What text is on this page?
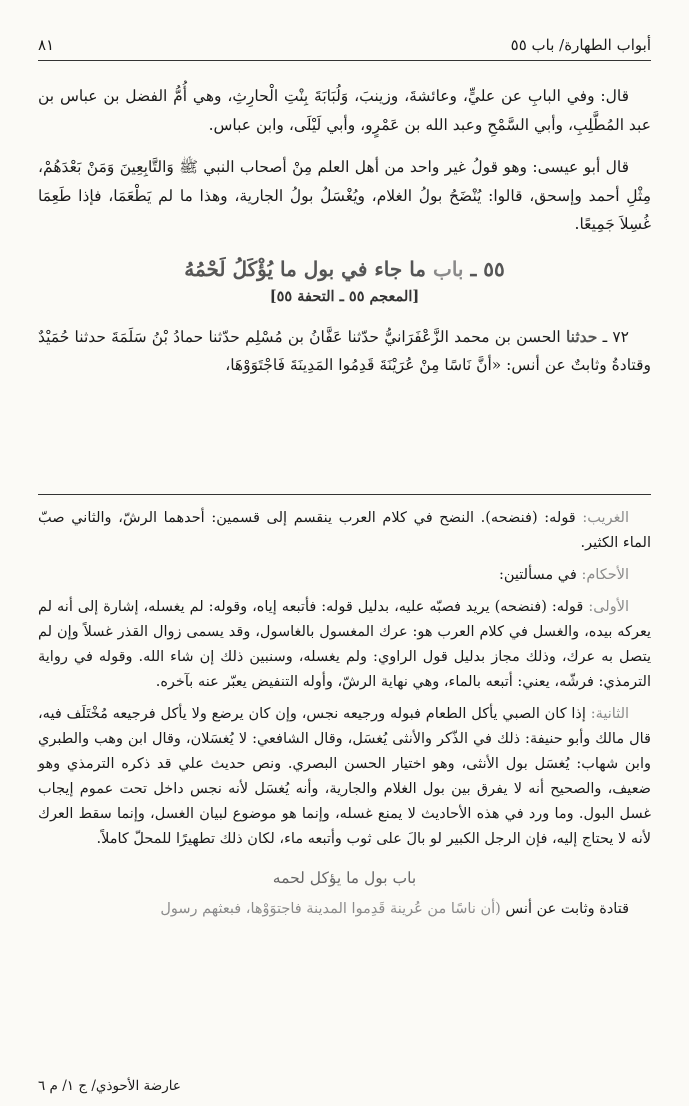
أبواب الطهارة/ باب ٥٥
٨١

قال: وفي البابِ عن عليٍّ، وعائشةَ، وزينبَ، وَلُبَابَةَ بِنْتِ الْحارِثِ، وهي أُمُّ الفضل بن عباس بن عبد المُطَّلِبِ، وأبي السَّمْحِ وعبد الله بن عَمْرٍو، وأبي لَيْلَى، وابن عباس.

قال أبو عيسى: وهو قولُ غير واحد من أهل العلم مِنْ أصحاب النبي ﷺ وَالتَّابِعِينَ وَمَنْ بَعْدَهُمْ، مِثْلِ أحمد وإسحق، قالوا: يُنْضَحُ بولُ الغلام، ويُغْسَلُ بولُ الجارية، وهذا ما لم يَطْعَمَا، فإذا طَعِمَا غُسِلاَ جَمِيعًا.

٥٥ ـ باب ما جاء في بول ما يُؤْكَلُ لَحْمُهُ

[المعجم ٥٥ ـ التحفة ٥٥]

٧٢ ـ حدثنا الحسن بن محمد الزَّعْفَرَانيُّ حدّثنا عَفَّانُ بن مُسْلِم حدّثنا حمادُ بْنُ سَلَمَةَ حدثنا حُمَيْدٌ وقتادةُ وثابتٌ عن أنس: «أنَّ نَاسًا مِنْ عُرَيْنَةَ قَدِمُوا المَدِينَةَ فَاجْتَوَوْهَا،

الغريب: قوله: (فنضحه). النضح في كلام العرب ينقسم إلى قسمين: أحدهما الرشّ، والثاني صبّ الماء الكثير.

الأحكام: في مسألتين:

الأولى: قوله: (فنضحه) يريد فصبّه عليه، بدليل قوله: فأتبعه إياه، وقوله: لم يغسله، إشارة إلى أنه لم يعركه بيده، والغسل في كلام العرب هو: عرك المغسول بالغاسول، وقد يسمى زوال القذر غسلاً وإن لم يتصل به عرك، وذلك مجاز بدليل قول الراوي: ولم يغسله، وسنبين ذلك إن شاء الله. وقوله في رواية الترمذي: فرشّه، يعني: أتبعه بالماء، وهي نهاية الرشّ، وأوله التنفيض يعبّر عنه بآخره.

الثانية: إذا كان الصبي يأكل الطعام فبوله ورجيعه نجس، وإن كان يرضع ولا يأكل فرجيعه مُخْتَلَف فيه، قال مالك وأبو حنيفة: ذلك في الذّكر والأنثى يُغسَل، وقال الشافعي: لا يُغسَلان، وقال ابن وهب والطبري وابن شهاب: يُغسَل بول الأنثى، وهو اختيار الحسن البصري. ونص حديث علي قد ذكره الترمذي وهو ضعيف، والصحيح أنه لا يفرق بين بول الغلام والجارية، وأنه يُغسَل لأنه نجس داخل تحت عموم إيجاب غسل البول. وما ورد في هذه الأحاديث لا يمنع غسله، وإنما هو موضوع لبيان الغسل، وإنما سقط العرك لأنه لا يحتاج إليه، فإن الرجل الكبير لو بالَ على ثوب وأتبعه ماء، لكان ذلك تطهيرًا للمحلّ كاملاً.

باب بول ما يؤكل لحمه

قتادة وثابت عن أنس (أن ناسًا من عُرينة قَدِموا المدينة فاجتوَوْها، فبعثهم رسول

عارضة الأحوذي/ ج ١/ م ٦
